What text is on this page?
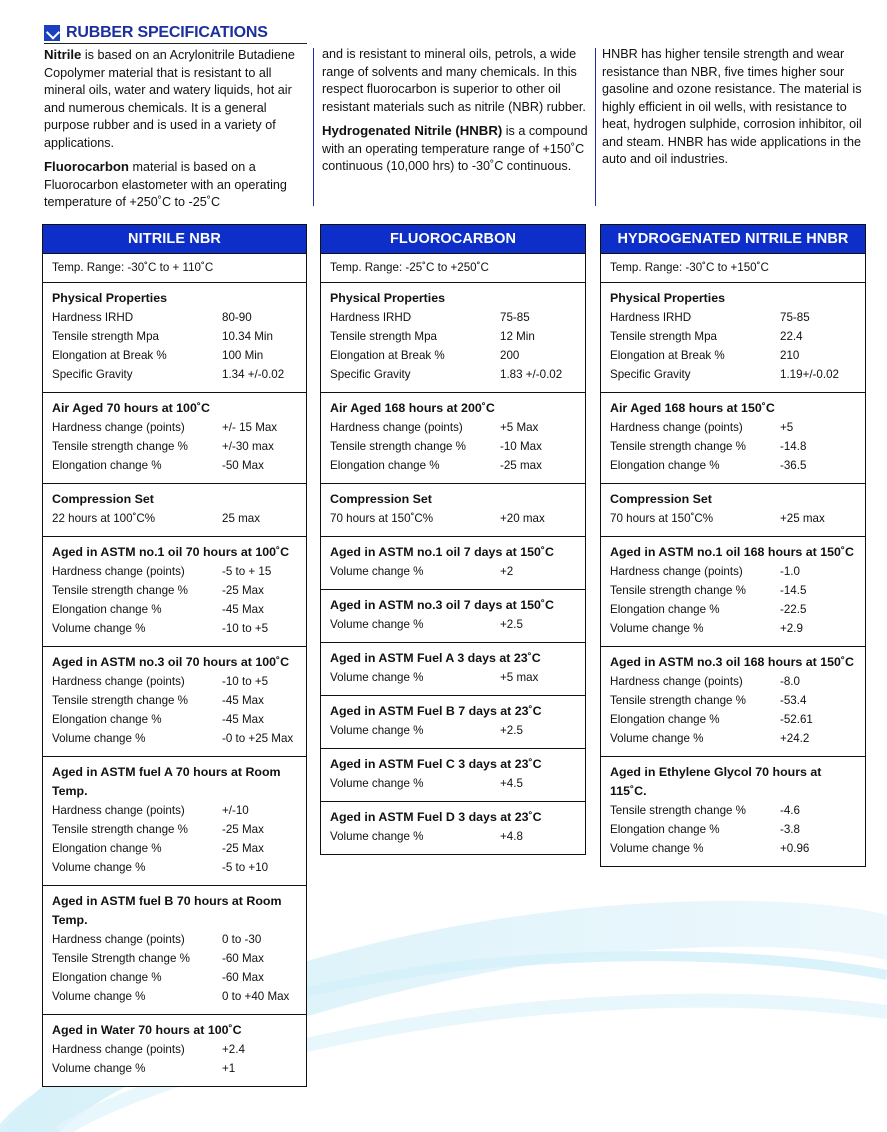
RUBBER SPECIFICATIONS

Nitrile is based on an Acrylonitrile Butadiene Copolymer material that is resistant to all mineral oils, water and watery liquids, hot air and numerous chemicals. It is a general purpose rubber and is used in a variety of applications.

Fluorocarbon material is based on a Fluorocarbon elastometer with an operating temperature of +250˚C to -25˚C

and is resistant to mineral oils, petrols, a wide range of solvents and many chemicals. In this respect fluorocarbon is superior to other oil resistant materials such as nitrile (NBR) rubber.

Hydrogenated Nitrile (HNBR) is a compound with an operating temperature range of +150˚C continuous (10,000 hrs) to -30˚C continuous.

HNBR has higher tensile strength and wear resistance than NBR, five times higher sour gasoline and ozone resistance. The material is highly efficient in oil wells, with resistance to heat, hydrogen sulphide, corrosion inhibitor, oil and steam. HNBR has wide applications in the auto and oil industries.

NITRILE NBR
Temp. Range: -30˚C to + 110˚C
Physical Properties
Hardness IRHD	80-90
Tensile strength Mpa	10.34 Min
Elongation at Break %	100 Min
Specific Gravity	1.34 +/-0.02
Air Aged 70 hours at 100˚C
Hardness change (points)	+/- 15 Max
Tensile strength change %	+/-30 max
Elongation change %	-50 Max
Compression Set
22 hours at 100˚C%	25 max
Aged in ASTM no.1 oil 70 hours at 100˚C
Hardness change (points)	-5 to + 15
Tensile strength change %	-25 Max
Elongation change %	-45 Max
Volume change %	-10 to +5
Aged in ASTM no.3 oil 70 hours at 100˚C
Hardness change (points)	-10 to +5
Tensile strength change %	-45 Max
Elongation change %	-45 Max
Volume change %	-0 to +25 Max
Aged in ASTM fuel A 70 hours at Room Temp.
Hardness change (points)	+/-10
Tensile strength change %	-25 Max
Elongation change %	-25 Max
Volume change %	-5 to +10
Aged in ASTM fuel B 70 hours at Room Temp.
Hardness change (points)	0 to -30
Tensile Strength change %	-60 Max
Elongation change %	-60 Max
Volume change %	0 to +40 Max
Aged in Water 70 hours at 100˚C
Hardness change (points)	+2.4
Volume change %	+1
FLUOROCARBON
Temp. Range: -25˚C to +250˚C
Physical Properties
Hardness IRHD	75-85
Tensile strength Mpa	12 Min
Elongation at Break %	200
Specific Gravity	1.83 +/-0.02
Air Aged 168 hours at 200˚C
Hardness change (points)	+5 Max
Tensile strength change %	-10 Max
Elongation change %	-25 max
Compression Set
70 hours at 150˚C%	+20 max
Aged in ASTM no.1 oil 7 days at 150˚C
Volume change %	+2
Aged in ASTM no.3 oil 7 days at 150˚C
Volume change %	+2.5
Aged in ASTM Fuel A 3 days at 23˚C
Volume change %	+5 max
Aged in ASTM Fuel B 7 days at 23˚C
Volume change %	+2.5
Aged in ASTM Fuel C 3 days at 23˚C
Volume change %	+4.5
Aged in ASTM Fuel D 3 days at 23˚C
Volume change %	+4.8
HYDROGENATED NITRILE HNBR
Temp. Range: -30˚C to +150˚C
Physical Properties
Hardness IRHD	75-85
Tensile strength Mpa	22.4
Elongation at Break %	210
Specific Gravity	1.19+/-0.02
Air Aged 168 hours at 150˚C
Hardness change (points)	+5
Tensile strength change %	-14.8
Elongation change %	-36.5
Compression Set
70 hours at 150˚C%	+25 max
Aged in ASTM no.1 oil 168 hours at 150˚C
Hardness change (points)	-1.0
Tensile strength change %	-14.5
Elongation change %	-22.5
Volume change %	+2.9
Aged in ASTM no.3 oil 168 hours at 150˚C
Hardness change (points)	-8.0
Tensile strength change %	-53.4
Elongation change %	-52.61
Volume change %	+24.2
Aged in Ethylene Glycol 70 hours at 115˚C.
Tensile strength change %	-4.6
Elongation change %	-3.8
Volume change %	+0.96
